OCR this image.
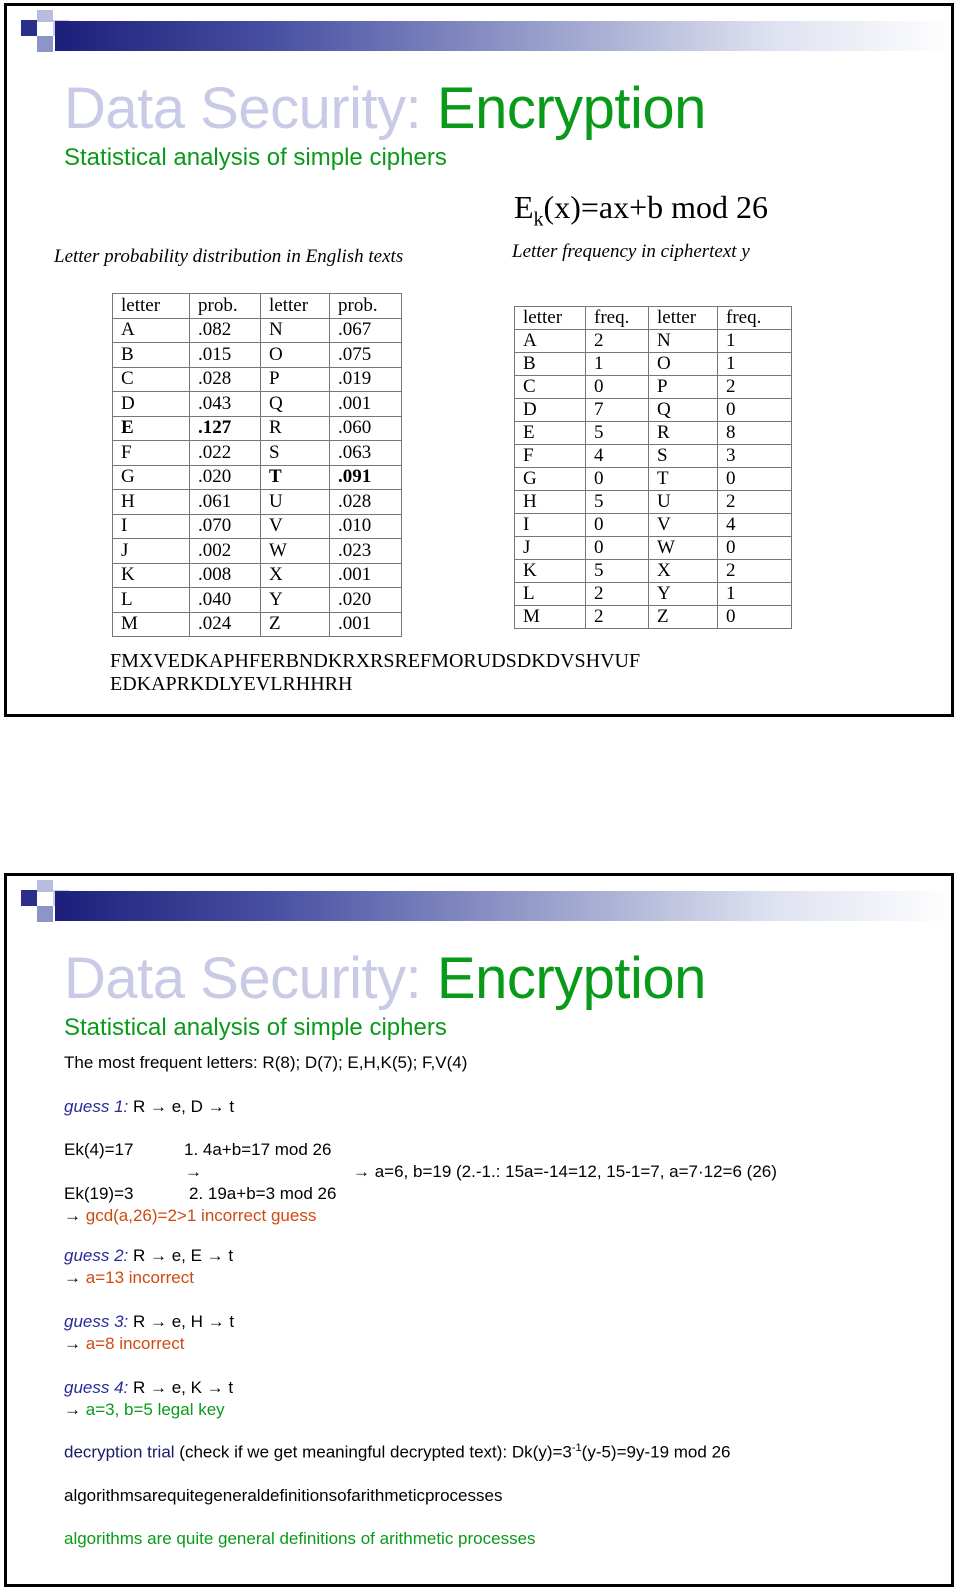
Data Security: Encryption
Statistical analysis of simple ciphers
$E_k(x)=ax+b$ mod 26
Letter probability distribution in English texts	Letter frequency in ciphertext y
letter	prob.	letter	prob.
A	.082	N	.067
B	.015	O	.075
C	.028	P	.019
D	.043	Q	.001
E	.127	R	.060
F	.022	S	.063
G	.020	T	.091
H	.061	U	.028
I	.070	V	.010
J	.002	W	.023
K	.008	X	.001
L	.040	Y	.020
M	.024	Z	.001
letter	freq.	letter	freq.
A	2	N	1
B	1	O	1
C	0	P	2
D	7	Q	0
E	5	R	8
F	4	S	3
G	0	T	0
H	5	U	2
I	0	V	4
J	0	W	0
K	5	X	2
L	2	Y	1
M	2	Z	0
FMXVEDKAPHFERBNDKRXRSREFMORUDSDKDVSHVUF
EDKAPRKDLYEVLRHHRH
Data Security: Encryption
Statistical analysis of simple ciphers
The most frequent letters: R(8); D(7); E,H,K(5); F,V(4)
guess 1: R → e, D → t
Ek(4)=17	1. 4a+b=17 mod 26
→	→ a=6, b=19 (2.-1.: 15a=-14=12, 15-1=7, a=7·12=6 (26)
Ek(19)=3	2. 19a+b=3 mod 26
→ gcd(a,26)=2>1 incorrect guess
guess 2: R → e, E → t
→ a=13 incorrect
guess 3: R → e, H → t
→ a=8 incorrect
guess 4: R → e, K → t
→ a=3, b=5 legal key
decryption trial (check if we get meaningful decrypted text): $Dk(y)=3^{-1}(y-5)=9y-19$ mod 26
algorithmsarequitegeneraldefinitionsofarithmeticprocesses
algorithms are quite general definitions of arithmetic processes
